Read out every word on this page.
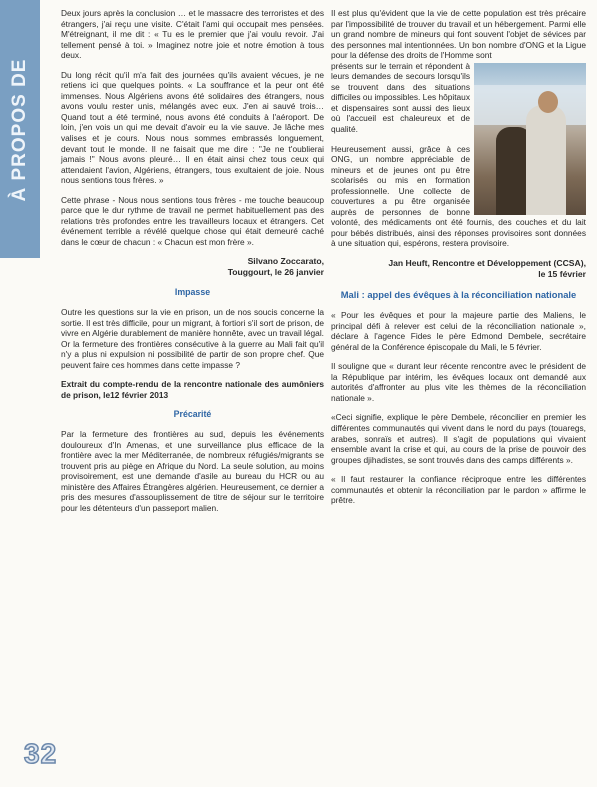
À PROPOS DE

Deux jours après la conclusion … et le massacre des terroristes et des étrangers, j'ai reçu une visite. C'était l'ami qui occupait mes pensées. M'étreignant, il me dit : « Tu es le premier que j'ai voulu revoir. J'ai tellement pensé à toi. » Imaginez notre joie et notre émotion à tous deux.

Du long récit qu'il m'a fait des journées qu'ils avaient vécues, je ne retiens ici que quelques points. « La souffrance et la peur ont été immenses. Nous Algériens avons été solidaires des étrangers, nous avons voulu rester unis, mélangés avec eux. J'en ai sauvé trois… Quand tout a été terminé, nous avons été conduits à l'aéroport. De loin, j'en vois un qui me devait d'avoir eu la vie sauve. Je lâche mes valises et je cours. Nous nous sommes embrassés longuement, devant tout le monde. Il ne faisait que me dire : "Je ne t'oublierai jamais !" Nous avons pleuré… Il en était ainsi chez tous ceux qui attendaient l'avion, Algériens, étrangers, tous exultaient de joie. Nous nous sentions tous frères. »

Cette phrase - Nous nous sentions tous frères - me touche beaucoup parce que le dur rythme de travail ne permet habituellement pas des relations très profondes entre les travailleurs locaux et étrangers. Cet événement terrible a révélé quelque chose qui était demeuré caché dans le cœur de chacun : « Chacun est mon frère ».

Silvano Zoccarato,
Touggourt, le 26 janvier
Impasse

Outre les questions sur la vie en prison, un de nos soucis concerne la sortie. Il est très difficile, pour un migrant, à fortiori s'il sort de prison, de vivre en Algérie durablement de manière honnête, avec un travail légal. Or la fermeture des frontières consécutive à la guerre au Mali fait qu'il n'y a plus ni expulsion ni possibilité de partir de son propre chef. Que peuvent faire ces hommes dans cette impasse ?

Extrait du compte-rendu de la rencontre nationale des aumôniers de prison, le12 février 2013
Précarité

Par la fermeture des frontières au sud, depuis les événements douloureux d'In Amenas, et une surveillance plus efficace de la frontière avec la mer Méditerranée, de nombreux réfugiés/migrants se trouvent pris au piège en Afrique du Nord. La seule solution, au moins provisoirement, est une demande d'asile au bureau du HCR ou au ministère des Affaires Étrangères algérien. Heureusement, ce dernier a pris des mesures d'assouplissement de titre de séjour sur le territoire pour les détenteurs d'un passeport malien.

Il est plus qu'évident que la vie de cette population est très précaire par l'impossibilité de trouver du travail et un hébergement. Parmi elle un grand nombre de mineurs qui font souvent l'objet de sévices par des personnes mal intentionnées. Un bon nombre d'ONG et la Ligue pour la défense des droits de l'Homme sont

présents sur le terrain et répondent à leurs demandes de secours lorsqu'ils se trouvent dans des situations difficiles ou impossibles. Les hôpitaux et dispensaires sont aussi des lieux où l'accueil est chaleureux et de qualité.

Heureusement aussi, grâce à ces ONG, un nombre appréciable de mineurs et de jeunes ont pu être scolarisés ou mis en formation professionnelle. Une collecte de couvertures a pu être organisée auprès de personnes de bonne volonté, des médicaments ont été fournis, des couches et du lait pour bébés distribués, ainsi des réponses provisoires sont données à une situation qui, espérons, restera provisoire.

Jan Heuft, Rencontre et Développement (CCSA),
le 15 février
Mali : appel des évêques à la réconciliation nationale

« Pour les évêques et pour la majeure partie des Maliens, le principal défi à relever est celui de la réconciliation nationale », déclare à l'agence Fides le père Edmond Dembele, secrétaire général de la Conférence épiscopale du Mali, le 5 février.

Il souligne que « durant leur récente rencontre avec le président de la République par intérim, les évêques locaux ont demandé aux autorités d'affronter au plus vite les thèmes de la réconciliation nationale ».

«Ceci signifie, explique le père Dembele, réconcilier en premier les différentes communautés qui vivent dans le nord du pays (touaregs, arabes, sonraïs et autres). Il s'agit de populations qui vivaient ensemble avant la crise et qui, au cours de la prise de pouvoir des groupes djihadistes, se sont trouvés dans des camps différents ».

« Il faut restaurer la confiance réciproque entre les différentes communautés et obtenir la réconciliation par le pardon » affirme le prêtre.

32
